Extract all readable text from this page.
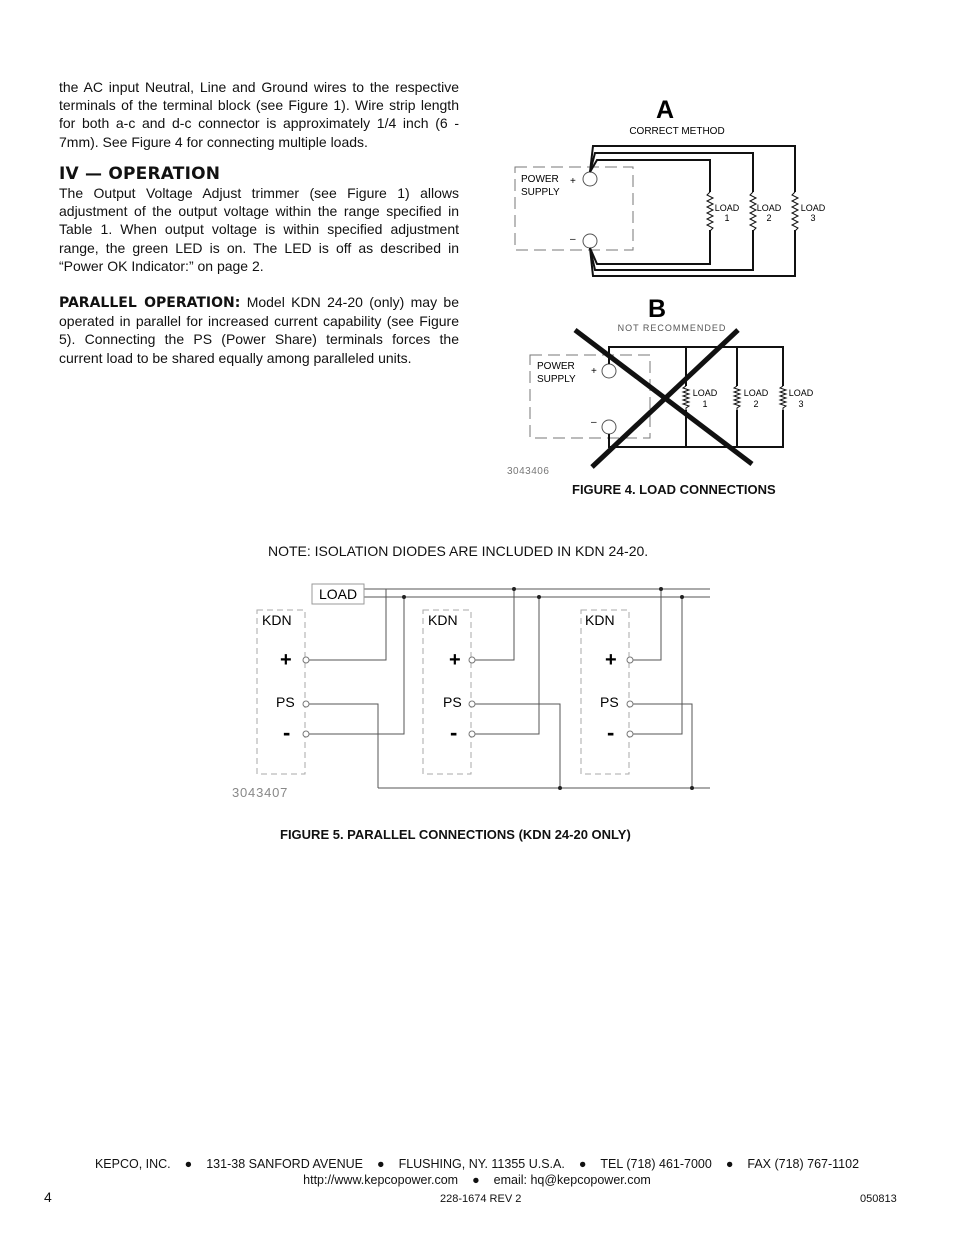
the AC input Neutral, Line and Ground wires to the respective terminals of the terminal block (see Figure 1). Wire strip length for both a-c and d-c connector is approximately 1/4 inch (6 - 7mm). See Figure 4 for connecting multiple loads.

IV — OPERATION

The Output Voltage Adjust trimmer (see Figure 1) allows adjustment of the output voltage within the range specified in Table 1. When output voltage is within specified adjustment range, the green LED is on. The LED is off as described in “Power OK Indicator:” on page 2.

PARALLEL OPERATION: Model KDN 24-20 (only) may be operated in parallel for increased current capability (see Figure 5). Connecting the PS (Power Share) terminals forces the current load to be shared equally among paralleled units.

A
CORRECT METHOD
POWER
SUPPLY
+
–
LOAD
1
LOAD
2
LOAD
3
B
NOT RECOMMENDED
POWER
SUPPLY
+
–
LOAD
1
LOAD
2
LOAD
3
3043406
FIGURE 4. LOAD CONNECTIONS
NOTE: ISOLATION DIODES ARE INCLUDED IN KDN 24-20.
LOAD
KDN	KDN	KDN
+	+	+
PS	PS	PS
-	-	-
3043407
FIGURE 5. PARALLEL CONNECTIONS (KDN 24-20 ONLY)
KEPCO, INC. ● 131-38 SANFORD AVENUE ● FLUSHING, NY. 11355 U.S.A. ● TEL (718) 461-7000 ● FAX (718) 767-1102
http://www.kepcopower.com ● email: hq@kepcopower.com
4	228-1674 REV 2	050813
